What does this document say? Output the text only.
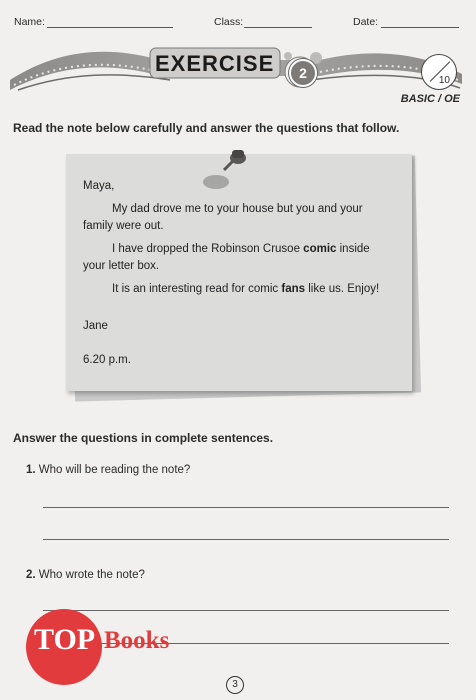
Name:	Class:	Date:
EXERCISE	2	10
BASIC / OE
Read the note below carefully and answer the questions that follow.
Maya,
My dad drove me to your house but you and your
family were out.
I have dropped the Robinson Crusoe comic inside
your letter box.
It is an interesting read for comic fans like us. Enjoy!
Jane
6.20 p.m.
Answer the questions in complete sentences.
1. Who will be reading the note?
2. Who wrote the note?
TOP Books
3
